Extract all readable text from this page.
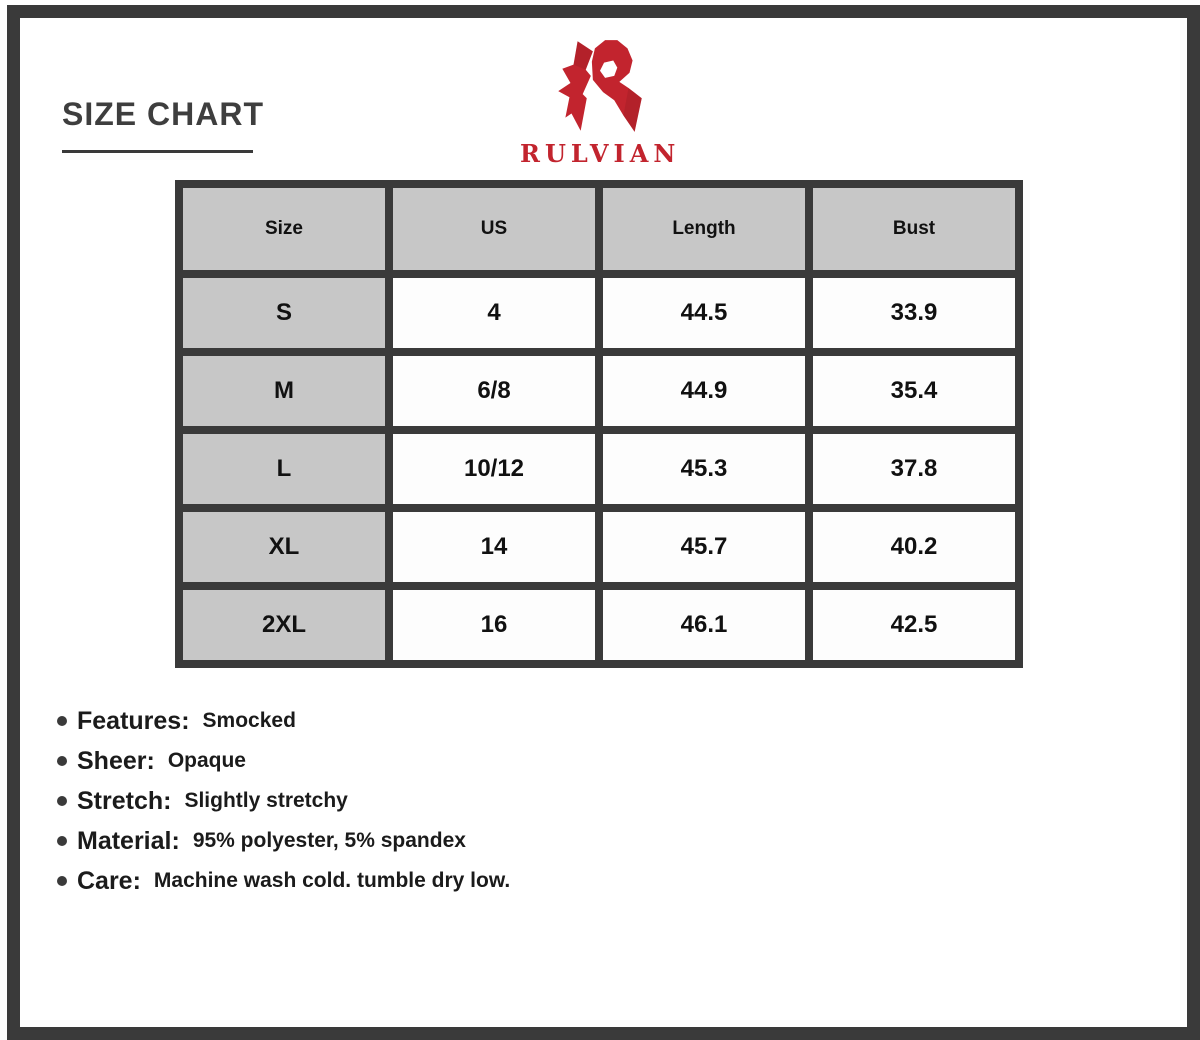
SIZE CHART
RULVIAN
Size	US	Length	Bust
S	4	44.5	33.9
M	6/8	44.9	35.4
L	10/12	45.3	37.8
XL	14	45.7	40.2
2XL	16	46.1	42.5
Features: Smocked
Sheer: Opaque
Stretch: Slightly stretchy
Material: 95% polyester, 5% spandex
Care: Machine wash cold. tumble dry low.
